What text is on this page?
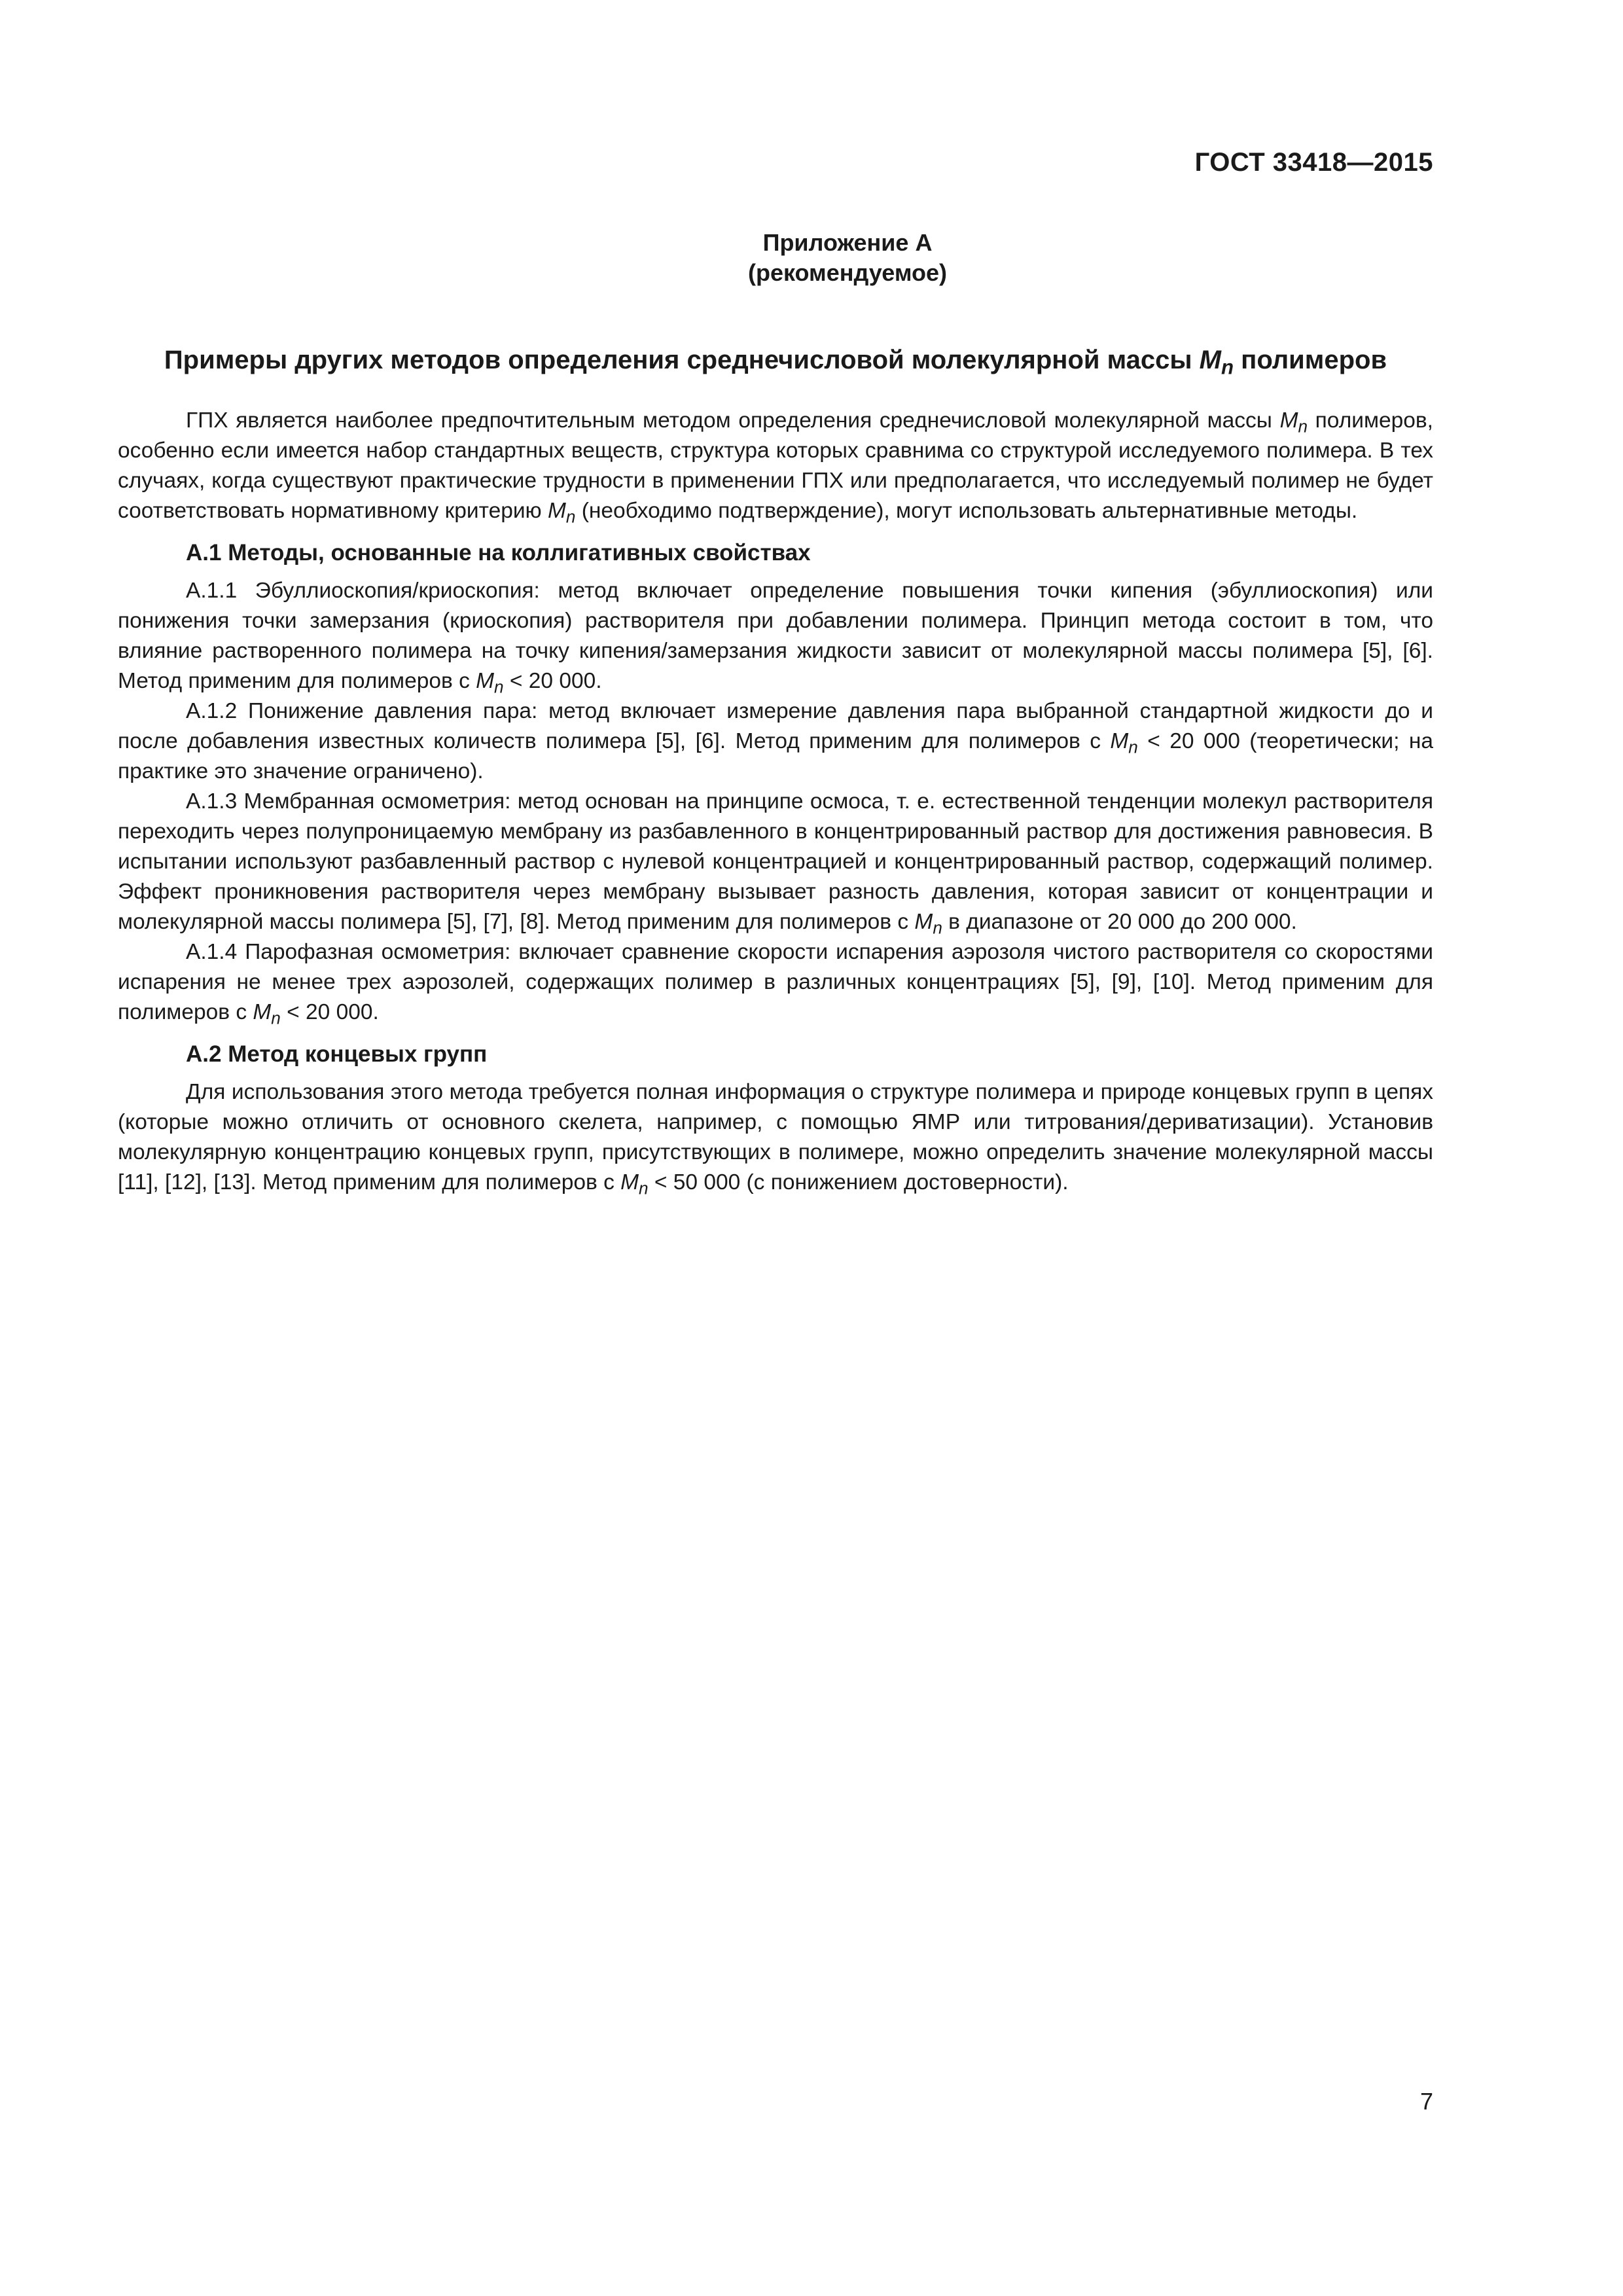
ГОСТ 33418—2015
Приложение А
(рекомендуемое)
Примеры других методов определения среднечисловой молекулярной массы $M_n$ полимеров

ГПХ является наиболее предпочтительным методом определения среднечисловой молекулярной массы $M_n$ полимеров, особенно если имеется набор стандартных веществ, структура которых сравнима со структурой исследуемого полимера. В тех случаях, когда существуют практические трудности в применении ГПХ или предполагается, что исследуемый полимер не будет соответствовать нормативному критерию $M_n$ (необходимо подтверждение), могут использовать альтернативные методы.

А.1 Методы, основанные на коллигативных свойствах

А.1.1 Эбуллиоскопия/криоскопия: метод включает определение повышения точки кипения (эбуллиоскопия) или понижения точки замерзания (криоскопия) растворителя при добавлении полимера. Принцип метода состоит в том, что влияние растворенного полимера на точку кипения/замерзания жидкости зависит от молекулярной массы полимера [5], [6]. Метод применим для полимеров с $M_n < 20$ 000.

А.1.2 Понижение давления пара: метод включает измерение давления пара выбранной стандартной жидкости до и после добавления известных количеств полимера [5], [6]. Метод применим для полимеров с $M_n < 20$ 000 (теоретически; на практике это значение ограничено).

А.1.3 Мембранная осмометрия: метод основан на принципе осмоса, т. е. естественной тенденции молекул растворителя переходить через полупроницаемую мембрану из разбавленного в концентрированный раствор для достижения равновесия. В испытании используют разбавленный раствор с нулевой концентрацией и концентрированный раствор, содержащий полимер. Эффект проникновения растворителя через мембрану вызывает разность давления, которая зависит от концентрации и молекулярной массы полимера [5], [7], [8]. Метод применим для полимеров с $M_n$ в диапазоне от 20 000 до 200 000.

А.1.4 Парофазная осмометрия: включает сравнение скорости испарения аэрозоля чистого растворителя со скоростями испарения не менее трех аэрозолей, содержащих полимер в различных концентрациях [5], [9], [10]. Метод применим для полимеров с $M_n < 20$ 000.

А.2 Метод концевых групп

Для использования этого метода требуется полная информация о структуре полимера и природе концевых групп в цепях (которые можно отличить от основного скелета, например, с помощью ЯМР или титрования/дериватизации). Установив молекулярную концентрацию концевых групп, присутствующих в полимере, можно определить значение молекулярной массы [11], [12], [13]. Метод применим для полимеров с $M_n < 50$ 000 (с понижением достоверности).

7
